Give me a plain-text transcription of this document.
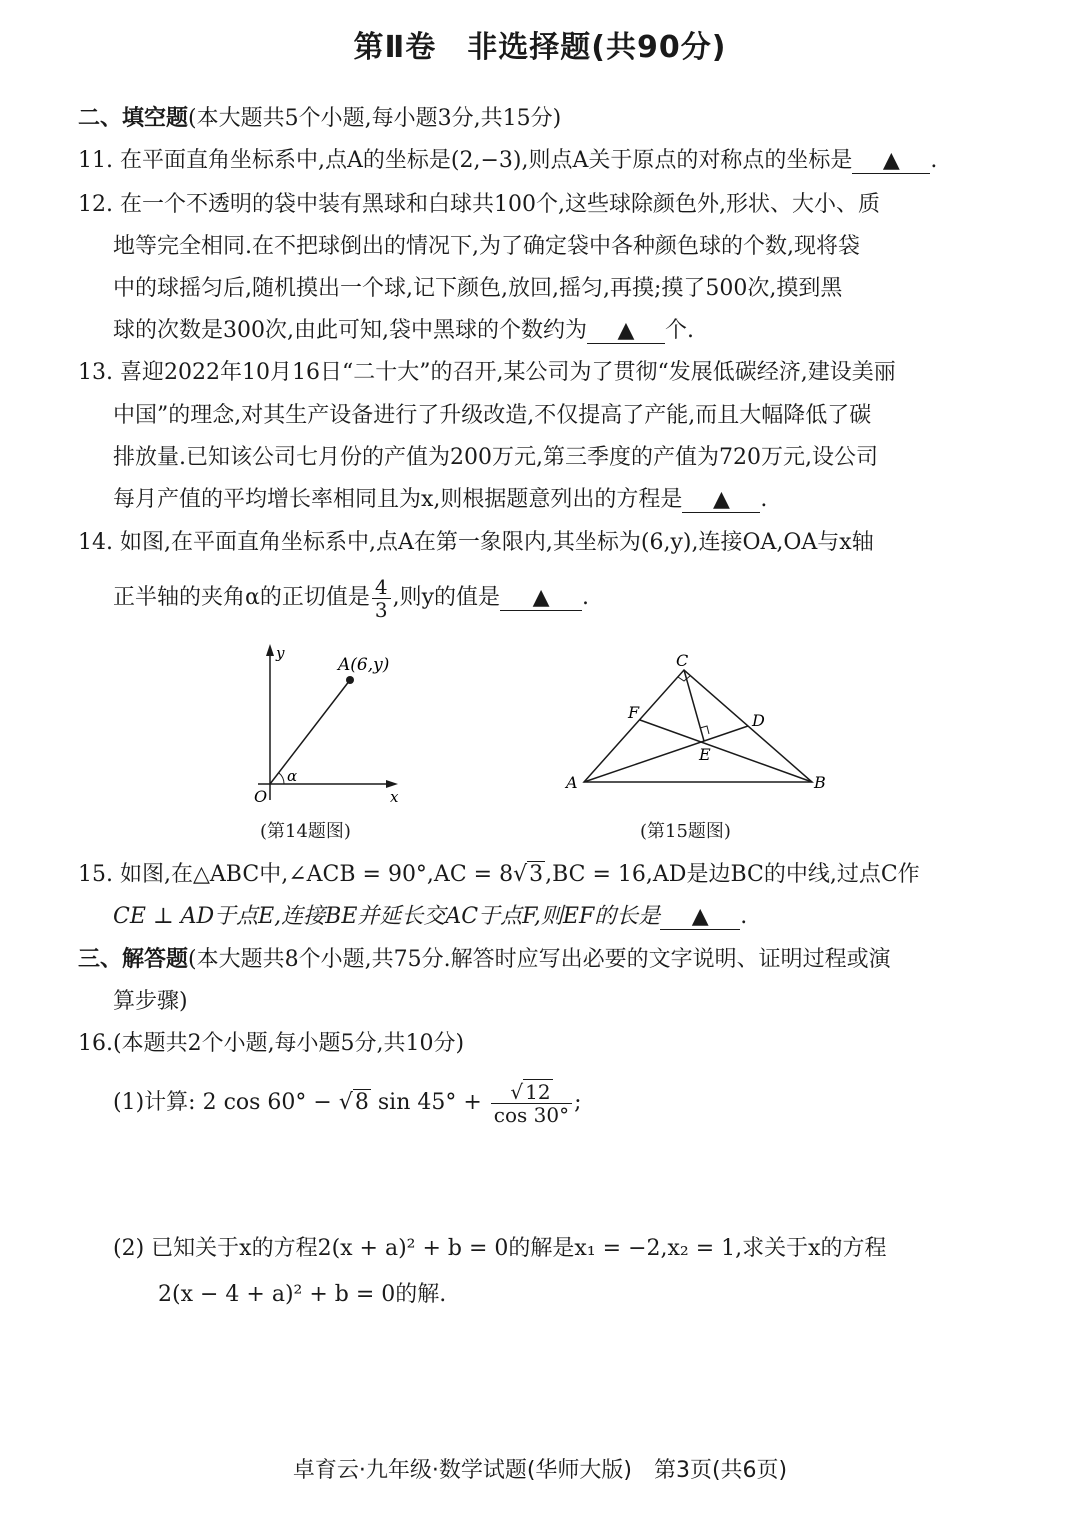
第Ⅱ卷　非选择题(共90分)
二、填空题(本大题共5个小题,每小题3分,共15分)
11. 在平面直角坐标系中,点A的坐标是(2,−3),则点A关于原点的对称点的坐标是 ▲ .
12. 在一个不透明的袋中装有黑球和白球共100个,这些球除颜色外,形状、大小、质
地等完全相同.在不把球倒出的情况下,为了确定袋中各种颜色球的个数,现将袋
中的球摇匀后,随机摸出一个球,记下颜色,放回,摇匀,再摸;摸了500次,摸到黑
球的次数是300次,由此可知,袋中黑球的个数约为 ▲ 个.
13. 喜迎2022年10月16日“二十大”的召开,某公司为了贯彻“发展低碳经济,建设美丽
中国”的理念,对其生产设备进行了升级改造,不仅提高了产能,而且大幅降低了碳
排放量.已知该公司七月份的产值为200万元,第三季度的产值为720万元,设公司
每月产值的平均增长率相同且为x,则根据题意列出的方程是 ▲ .
14. 如图,在平面直角坐标系中,点A在第一象限内,其坐标为(6,y),连接OA,OA与x轴
正半轴的夹角α的正切值是 $\frac{4}{3}$ ,则y的值是 ▲ .
y
x
O
A(6,y)
α
(第14题图)
A	B
C
D
E
F
(第15题图)
15. 如图,在△ABC中,∠ACB = 90°,AC = 8√3,BC = 16,AD是边BC的中线,过点C作
CE ⊥ AD于点E,连接BE并延长交AC于点F,则EF的长是 ▲ .
三、解答题(本大题共8个小题,共75分.解答时应写出必要的文字说明、证明过程或演
算步骤)
16.(本题共2个小题,每小题5分,共10分)
(1)计算: 2 cos 60° − √8 $\sin 45^\circ + \frac{√ 12}{\cos 30^\circ}$ ;
(2) 已知关于x的方程2(x + a)² + b = 0的解是x₁ = −2,x₂ = 1,求关于x的方程
2(x − 4 + a)² + b = 0的解.
卓育云·九年级·数学试题(华师大版)　第3页(共6页)
